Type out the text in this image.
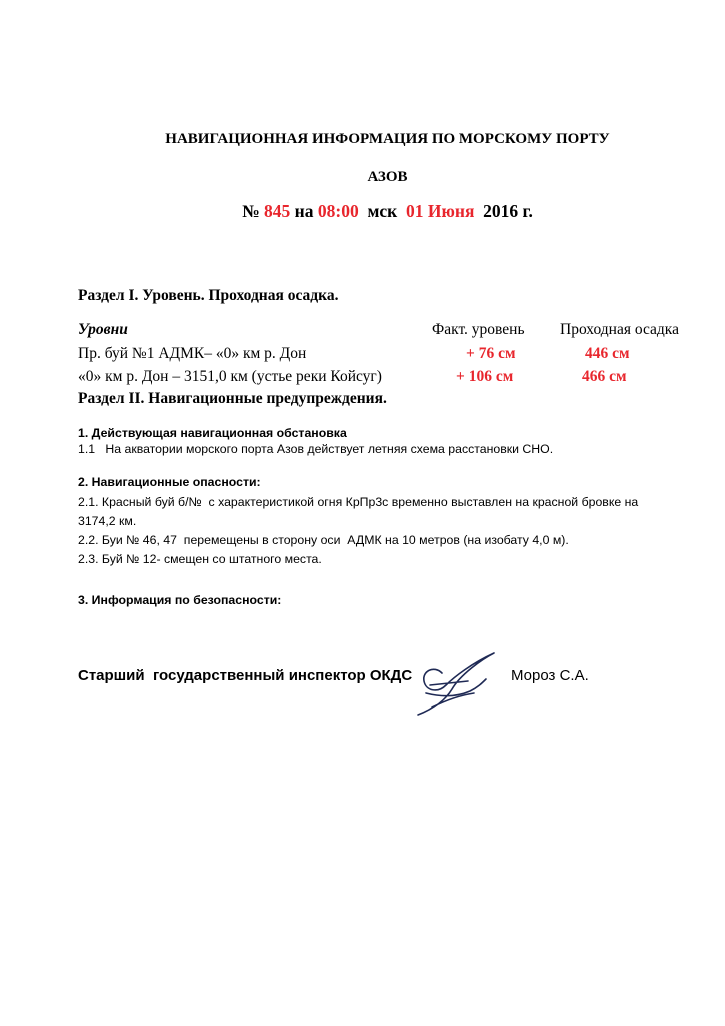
НАВИГАЦИОННАЯ ИНФОРМАЦИЯ ПО МОРСКОМУ ПОРТУ
АЗОВ
№ 845 на 08:00  мск  01 Июня  2016 г.
Раздел I. Уровень. Проходная осадка.
Уровни	Факт. уровень Проходная осадка
Пр. буй №1 АДМК– «0» км р. Дон	+ 76 см	446 см
«0» км р. Дон – 3151,0 км (устье реки Койсуг)	+ 106 см	466 см
Раздел II. Навигационные предупреждения.
1. Действующая навигационная обстановка
1.1   На акватории морского порта Азов действует летняя схема расстановки СНО.
2. Навигационные опасности:
2.1. Красный буй б/№  с характеристикой огня КрПр3с временно выставлен на красной бровке на
3174,2 км.
2.2. Буи № 46, 47  перемещены в сторону оси  АДМК на 10 метров (на изобату 4,0 м).
2.3. Буй № 12- смещен со штатного места.
3. Информация по безопасности:
Старший  государственный инспектор ОКДС	Мороз С.А.
